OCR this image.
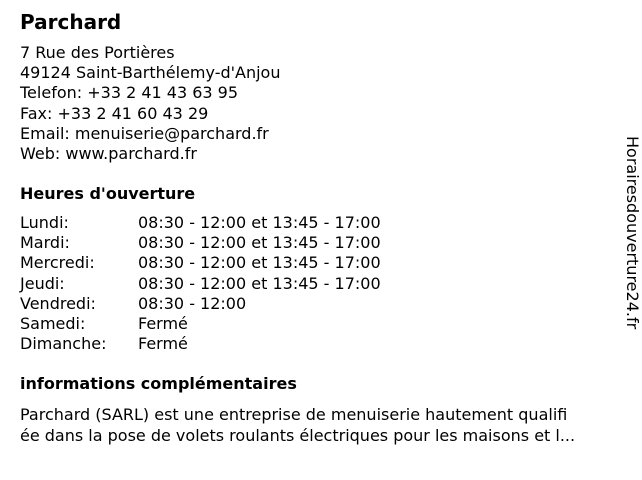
Parchard
7 Rue des Portières
49124 Saint-Barthélemy-d'Anjou
Telefon: +33 2 41 43 63 95
Fax: +33 2 41 60 43 29
Email: menuiserie@parchard.fr
Web: www.parchard.fr
Heures d'ouverture
Lundi:	08:30 - 12:00 et 13:45 - 17:00
Mardi:	08:30 - 12:00 et 13:45 - 17:00
Mercredi:	08:30 - 12:00 et 13:45 - 17:00
Jeudi:	08:30 - 12:00 et 13:45 - 17:00
Vendredi:	08:30 - 12:00
Samedi:	Fermé
Dimanche:	Fermé
informations complémentaires
Parchard (SARL) est une entreprise de menuiserie hautement qualifi
ée dans la pose de volets roulants électriques pour les maisons et l...
Horairesdouverture24.fr
